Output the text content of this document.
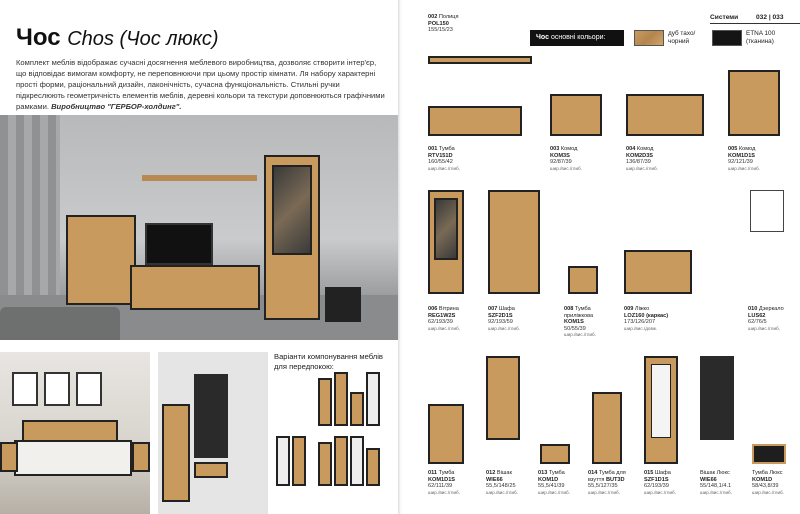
Чос Chos (Чос люкс)
Комплект меблів відображає сучасні досягнення меблевого виробництва, дозволяє створити інтер'єр, що відповідає вимогам комфорту, не переповнюючи при цьому простір кімнати. Ля набору характерні прості форми, раціональний дизайн, лаконічність, сучасна функціональність. Стильні ручки підкреслюють геометричність елементів меблів, деревні кольори та текстури доповнюються графічними рамками. Виробництво "ГЕРБОР-холдинг".
Варіанти компонування меблів для передпокою:
Системи	032 | 033
Чос основні кольори:
дуб тахо/
чорний
ETNA 100
(тканина)
002 Полиця
POL150
155/15/23
001 Тумба
RTV151D
160/55/42
шир./вис./глиб.
003 Комод
KOM3S
92/87/39
шир./вис./глиб.
004 Комод
KOM2D3S
136/87/39
шир./вис./глиб.
005 Комод
KOM1D1S
92/121/39
шир./вис./глиб.
006 Вітрина
REG1W2S
62/193/39
шир./вис./глиб.
007 Шафа
SZF2D1S
92/193/59
шир./вис./глиб.
008 Тумба приліжкова
KOM1S
50/55/39
шир./вис./глиб.
009 Ліжко
LOZ160 (каркас)
173/126/207
шир./вис./довж.
010 Дзеркало
LUS62
62/76/5
шир./вис./глиб.
011 Тумба
KOM1D1S
62/111/39
шир./вис./глиб.
012 Вішак
WIE66
55,5/148/25
шир./вис./глиб.
013 Тумба
KOM1D
55,5/41/39
шир./вис./глиб.
014 Тумба для взуття BUT3D
55,5/127/35
шир./вис./глиб.
015 Шафа
SZF1D1S
62/193/39
шир./вис./глиб.
Вішак Люкс
WIE66
55/148,1/4.1
шир./вис./глиб.
Тумба Люкс
KOM1D
58/43,8/39
шир./вис./глиб.
